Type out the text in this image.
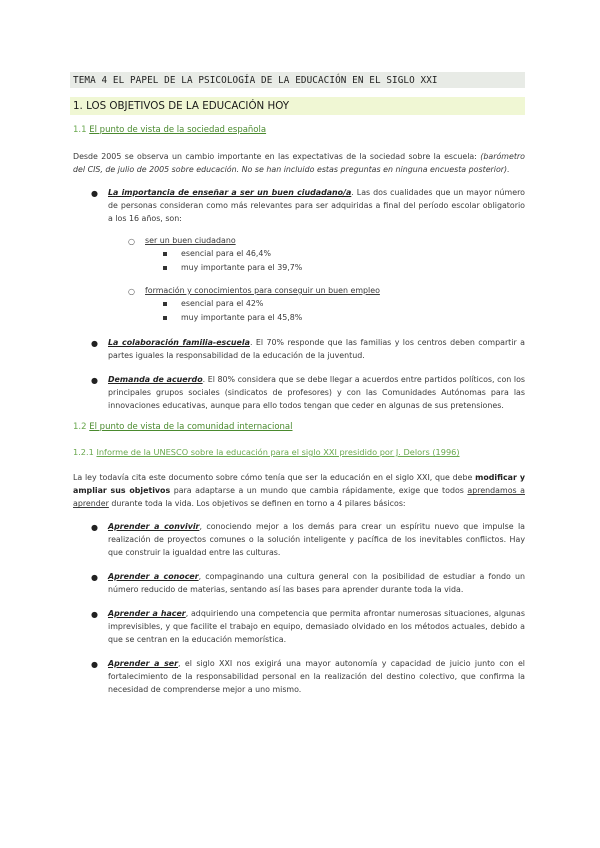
TEMA 4 EL PAPEL DE LA PSICOLOGÍA DE LA EDUCACIÓN EN EL SIGLO XXI
1. LOS OBJETIVOS DE LA EDUCACIÓN HOY
1.1 El punto de vista de la sociedad española
Desde 2005 se observa un cambio importante en las expectativas de la sociedad sobre la escuela: (barómetro del CIS, de julio de 2005 sobre educación. No se han incluido estas preguntas en ninguna encuesta posterior).
● La importancia de enseñar a ser un buen ciudadano/a. Las dos cualidades que un mayor número de personas consideran como más relevantes para ser adquiridas a final del período escolar obligatorio a los 16 años, son:
○ ser un buen ciudadano
esencial para el 46,4%
muy importante para el 39,7%
○ formación y conocimientos para conseguir un buen empleo
esencial para el 42%
muy importante para el 45,8%
● La colaboración familia-escuela. El 70% responde que las familias y los centros deben compartir a partes iguales la responsabilidad de la educación de la juventud.
● Demanda de acuerdo. El 80% considera que se debe llegar a acuerdos entre partidos políticos, con los principales grupos sociales (sindicatos de profesores) y con las Comunidades Autónomas para las innovaciones educativas, aunque para ello todos tengan que ceder en algunas de sus pretensiones.
1.2 El punto de vista de la comunidad internacional
1.2.1 Informe de la UNESCO sobre la educación para el siglo XXI presidido por J. Delors (1996)
La ley todavía cita este documento sobre cómo tenía que ser la educación en el siglo XXI, que debe modificar y ampliar sus objetivos para adaptarse a un mundo que cambia rápidamente, exige que todos aprendamos a aprender durante toda la vida. Los objetivos se definen en torno a 4 pilares básicos:
● Aprender a convivir, conociendo mejor a los demás para crear un espíritu nuevo que impulse la realización de proyectos comunes o la solución inteligente y pacífica de los inevitables conflictos. Hay que construir la igualdad entre las culturas.
● Aprender a conocer, compaginando una cultura general con la posibilidad de estudiar a fondo un número reducido de materias, sentando así las bases para aprender durante toda la vida.
● Aprender a hacer, adquiriendo una competencia que permita afrontar numerosas situaciones, algunas imprevisibles, y que facilite el trabajo en equipo, demasiado olvidado en los métodos actuales, debido a que se centran en la educación memorística.
● Aprender a ser, el siglo XXI nos exigirá una mayor autonomía y capacidad de juicio junto con el fortalecimiento de la responsabilidad personal en la realización del destino colectivo, que confirma la necesidad de comprenderse mejor a uno mismo.
